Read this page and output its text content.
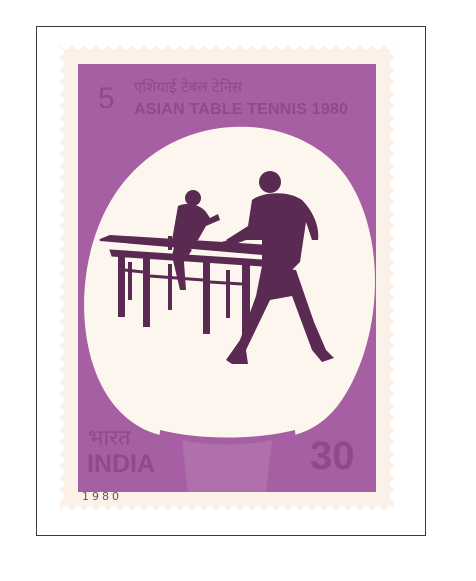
5 एशियाई टेबल टेनिस

ASIAN TABLE TENNIS 1980

भारत

INDIA	30

1980
